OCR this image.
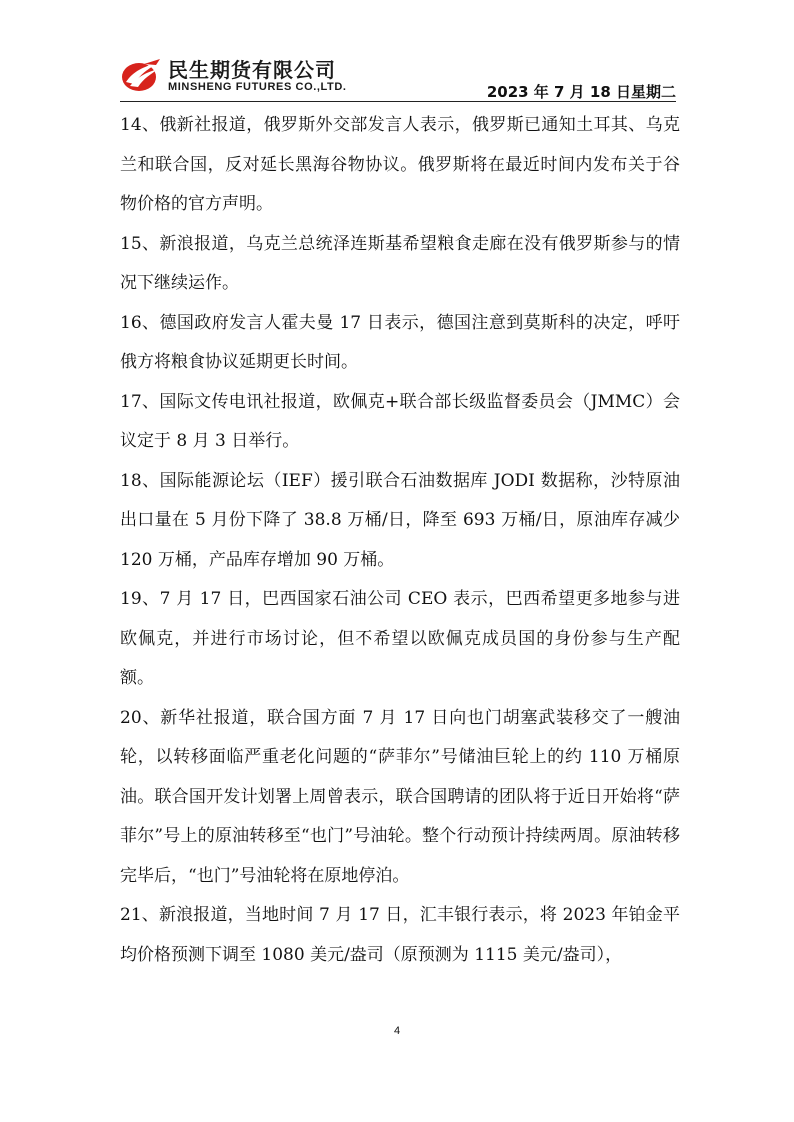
民生期货有限公司
MINSHENG FUTURES CO.,LTD.	2023 年 7 月 18 日星期二

14、俄新社报道，俄罗斯外交部发言人表示，俄罗斯已通知土耳其、乌克兰和联合国，反对延长黑海谷物协议。俄罗斯将在最近时间内发布关于谷物价格的官方声明。

15、新浪报道，乌克兰总统泽连斯基希望粮食走廊在没有俄罗斯参与的情况下继续运作。

16、德国政府发言人霍夫曼 17 日表示，德国注意到莫斯科的决定，呼吁俄方将粮食协议延期更长时间。

17、国际文传电讯社报道，欧佩克+联合部长级监督委员会（JMMC）会议定于 8 月 3 日举行。

18、国际能源论坛（IEF）援引联合石油数据库 JODI 数据称，沙特原油出口量在 5 月份下降了 38.8 万桶/日，降至 693 万桶/日，原油库存减少 120 万桶，产品库存增加 90 万桶。

19、7 月 17 日，巴西国家石油公司 CEO 表示，巴西希望更多地参与进欧佩克，并进行市场讨论，但不希望以欧佩克成员国的身份参与生产配额。

20、新华社报道，联合国方面 7 月 17 日向也门胡塞武装移交了一艘油轮，以转移面临严重老化问题的“萨菲尔”号储油巨轮上的约 110 万桶原油。联合国开发计划署上周曾表示，联合国聘请的团队将于近日开始将“萨菲尔”号上的原油转移至“也门”号油轮。整个行动预计持续两周。原油转移完毕后，“也门”号油轮将在原地停泊。

21、新浪报道，当地时间 7 月 17 日，汇丰银行表示，将 2023 年铂金平均价格预测下调至 1080 美元/盎司（原预测为 1115 美元/盎司），

4
